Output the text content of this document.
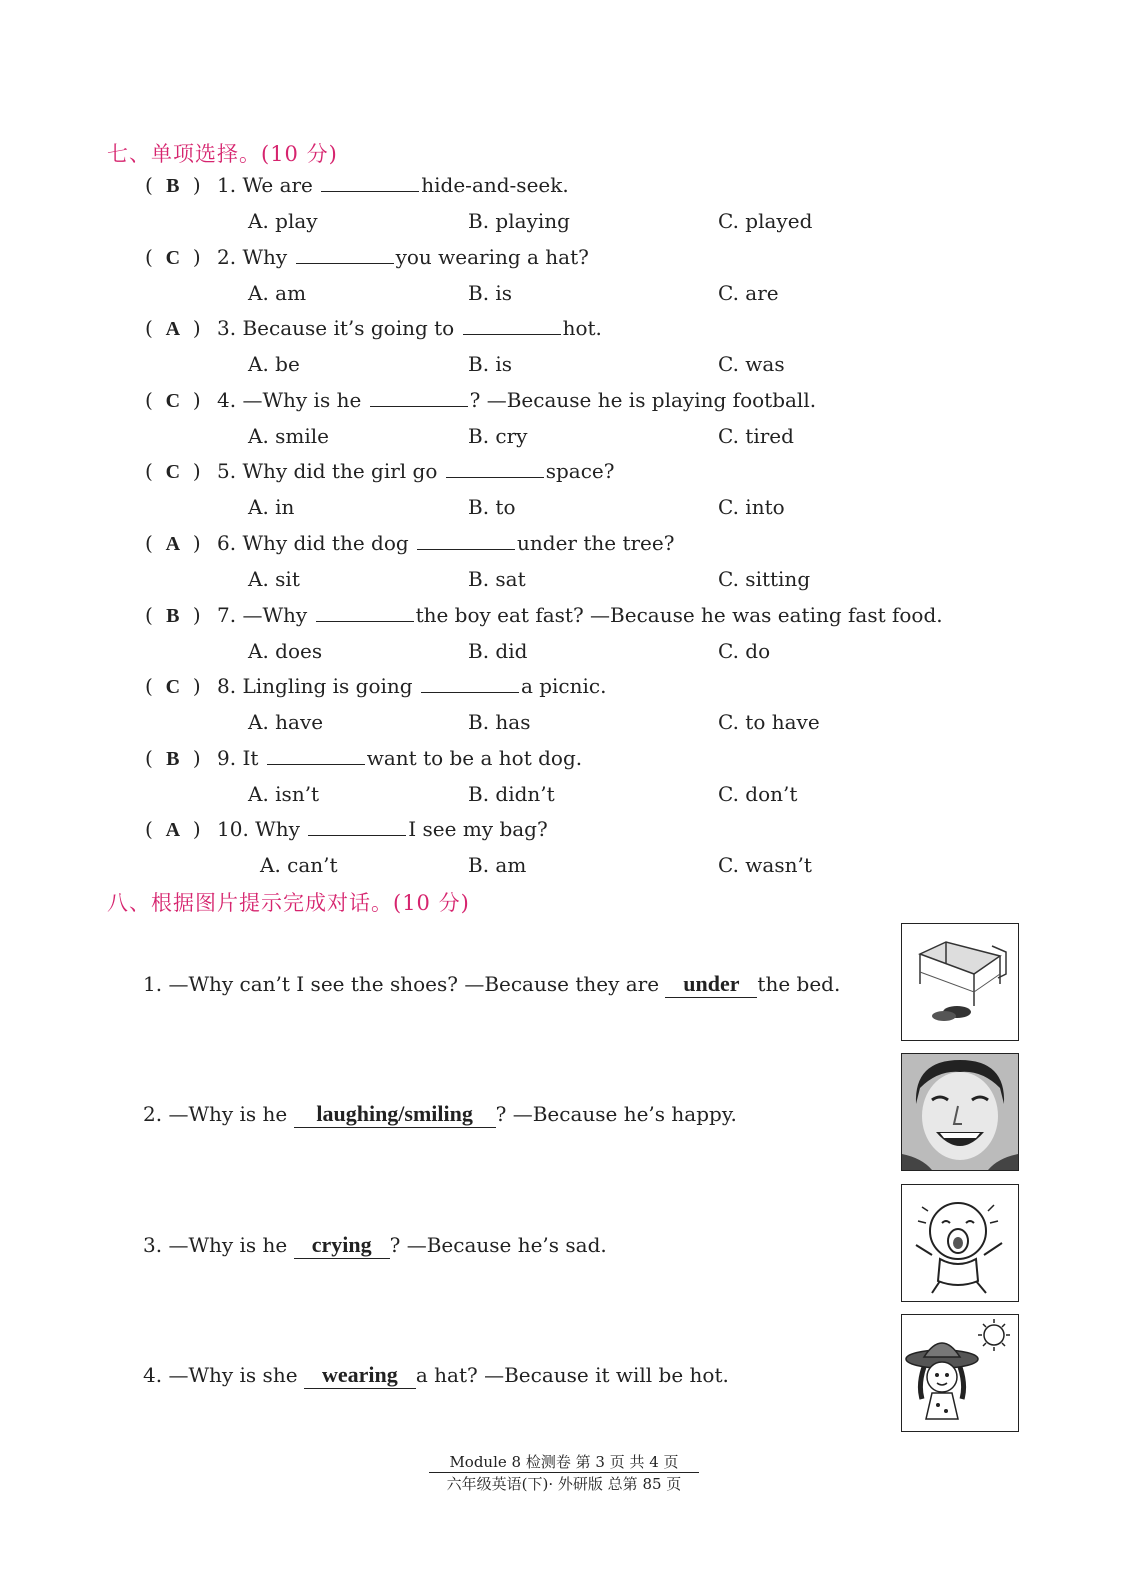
七、单项选择。(10 分)
( B ) 1. We are	hide-and-seek.
A. play	B. playing	C. played
( C ) 2. Why	you wearing a hat?
A. am	B. is	C. are
( A ) 3. Because it’s going to	hot.
A. be	B. is	C. was
( C ) 4. —Why is he	? —Because he is playing football.
A. smile	B. cry	C. tired
( C ) 5. Why did the girl go	space?
A. in	B. to	C. into
( A ) 6. Why did the dog	under the tree?
A. sit	B. sat	C. sitting
( B ) 7. —Why	the boy eat fast? —Because he was eating fast food.
A. does	B. did	C. do
( C ) 8. Lingling is going	a picnic.
A. have	B. has	C. to have
( B ) 9. It	want to be a hot dog.
A. isn’t	B. didn’t	C. don’t
( A ) 10. Why	I see my bag?
A. can’t	B. am	C. wasn’t
八、根据图片提示完成对话。(10 分)
1. —Why can’t I see the shoes? —Because they are under the bed.
2. —Why is he laughing/smiling ? —Because he’s happy.
3. —Why is he crying ? —Because he’s sad.
4. —Why is she wearing a hat? —Because it will be hot.
Module 8 检测卷 第 3 页 共 4 页
六年级英语(下)· 外研版 总第 85 页
